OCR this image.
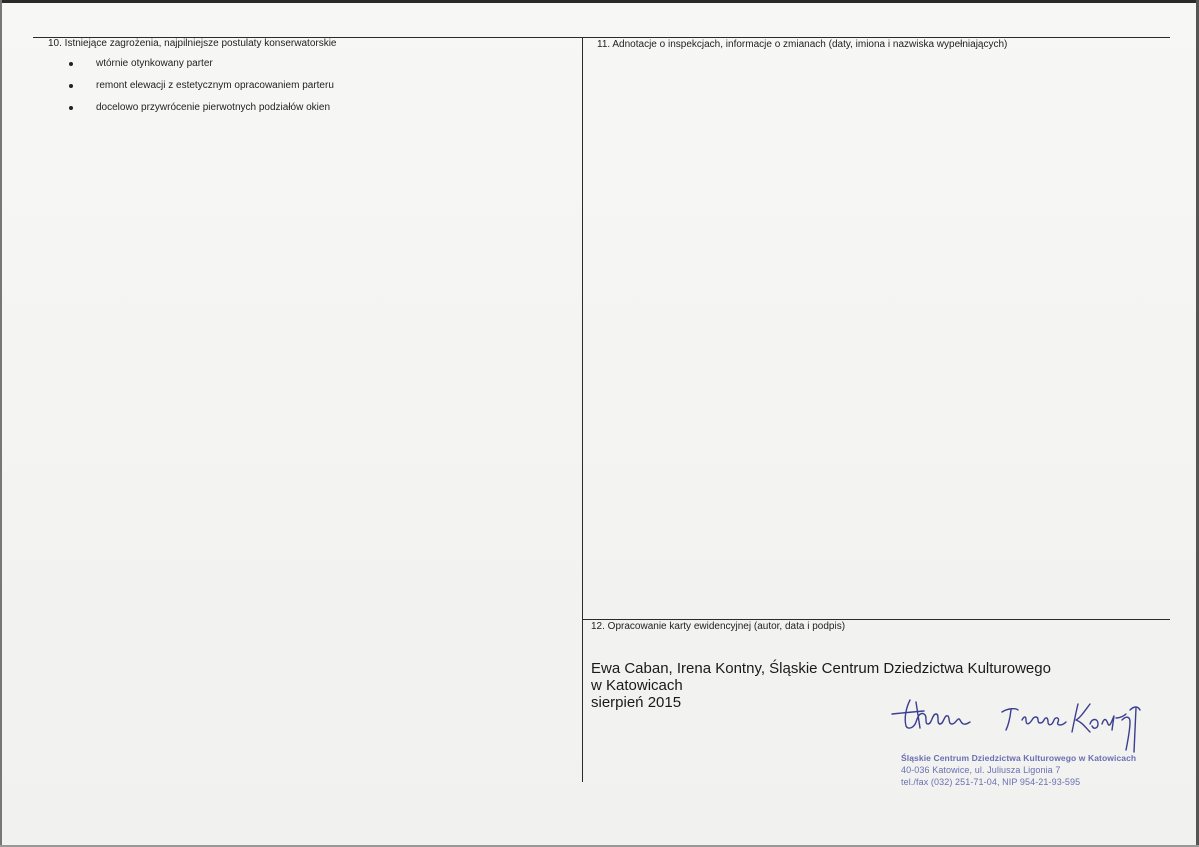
10. Istniejące zagrożenia, najpilniejsze postulaty konserwatorskie
wtórnie otynkowany parter
remont elewacji z estetycznym opracowaniem parteru
docelowo przywrócenie pierwotnych podziałów okien
11. Adnotacje o inspekcjach, informacje o zmianach (daty, imiona i nazwiska wypełniających)
12. Opracowanie karty ewidencyjnej (autor, data i podpis)
Ewa Caban, Irena Kontny, Śląskie Centrum Dziedzictwa Kulturowego
w Katowicach
sierpień 2015
Śląskie Centrum Dziedzictwa Kulturowego w Katowicach
40-036 Katowice, ul. Juliusza Ligonia 7
tel./fax (032) 251-71-04, NIP 954-21-93-595
